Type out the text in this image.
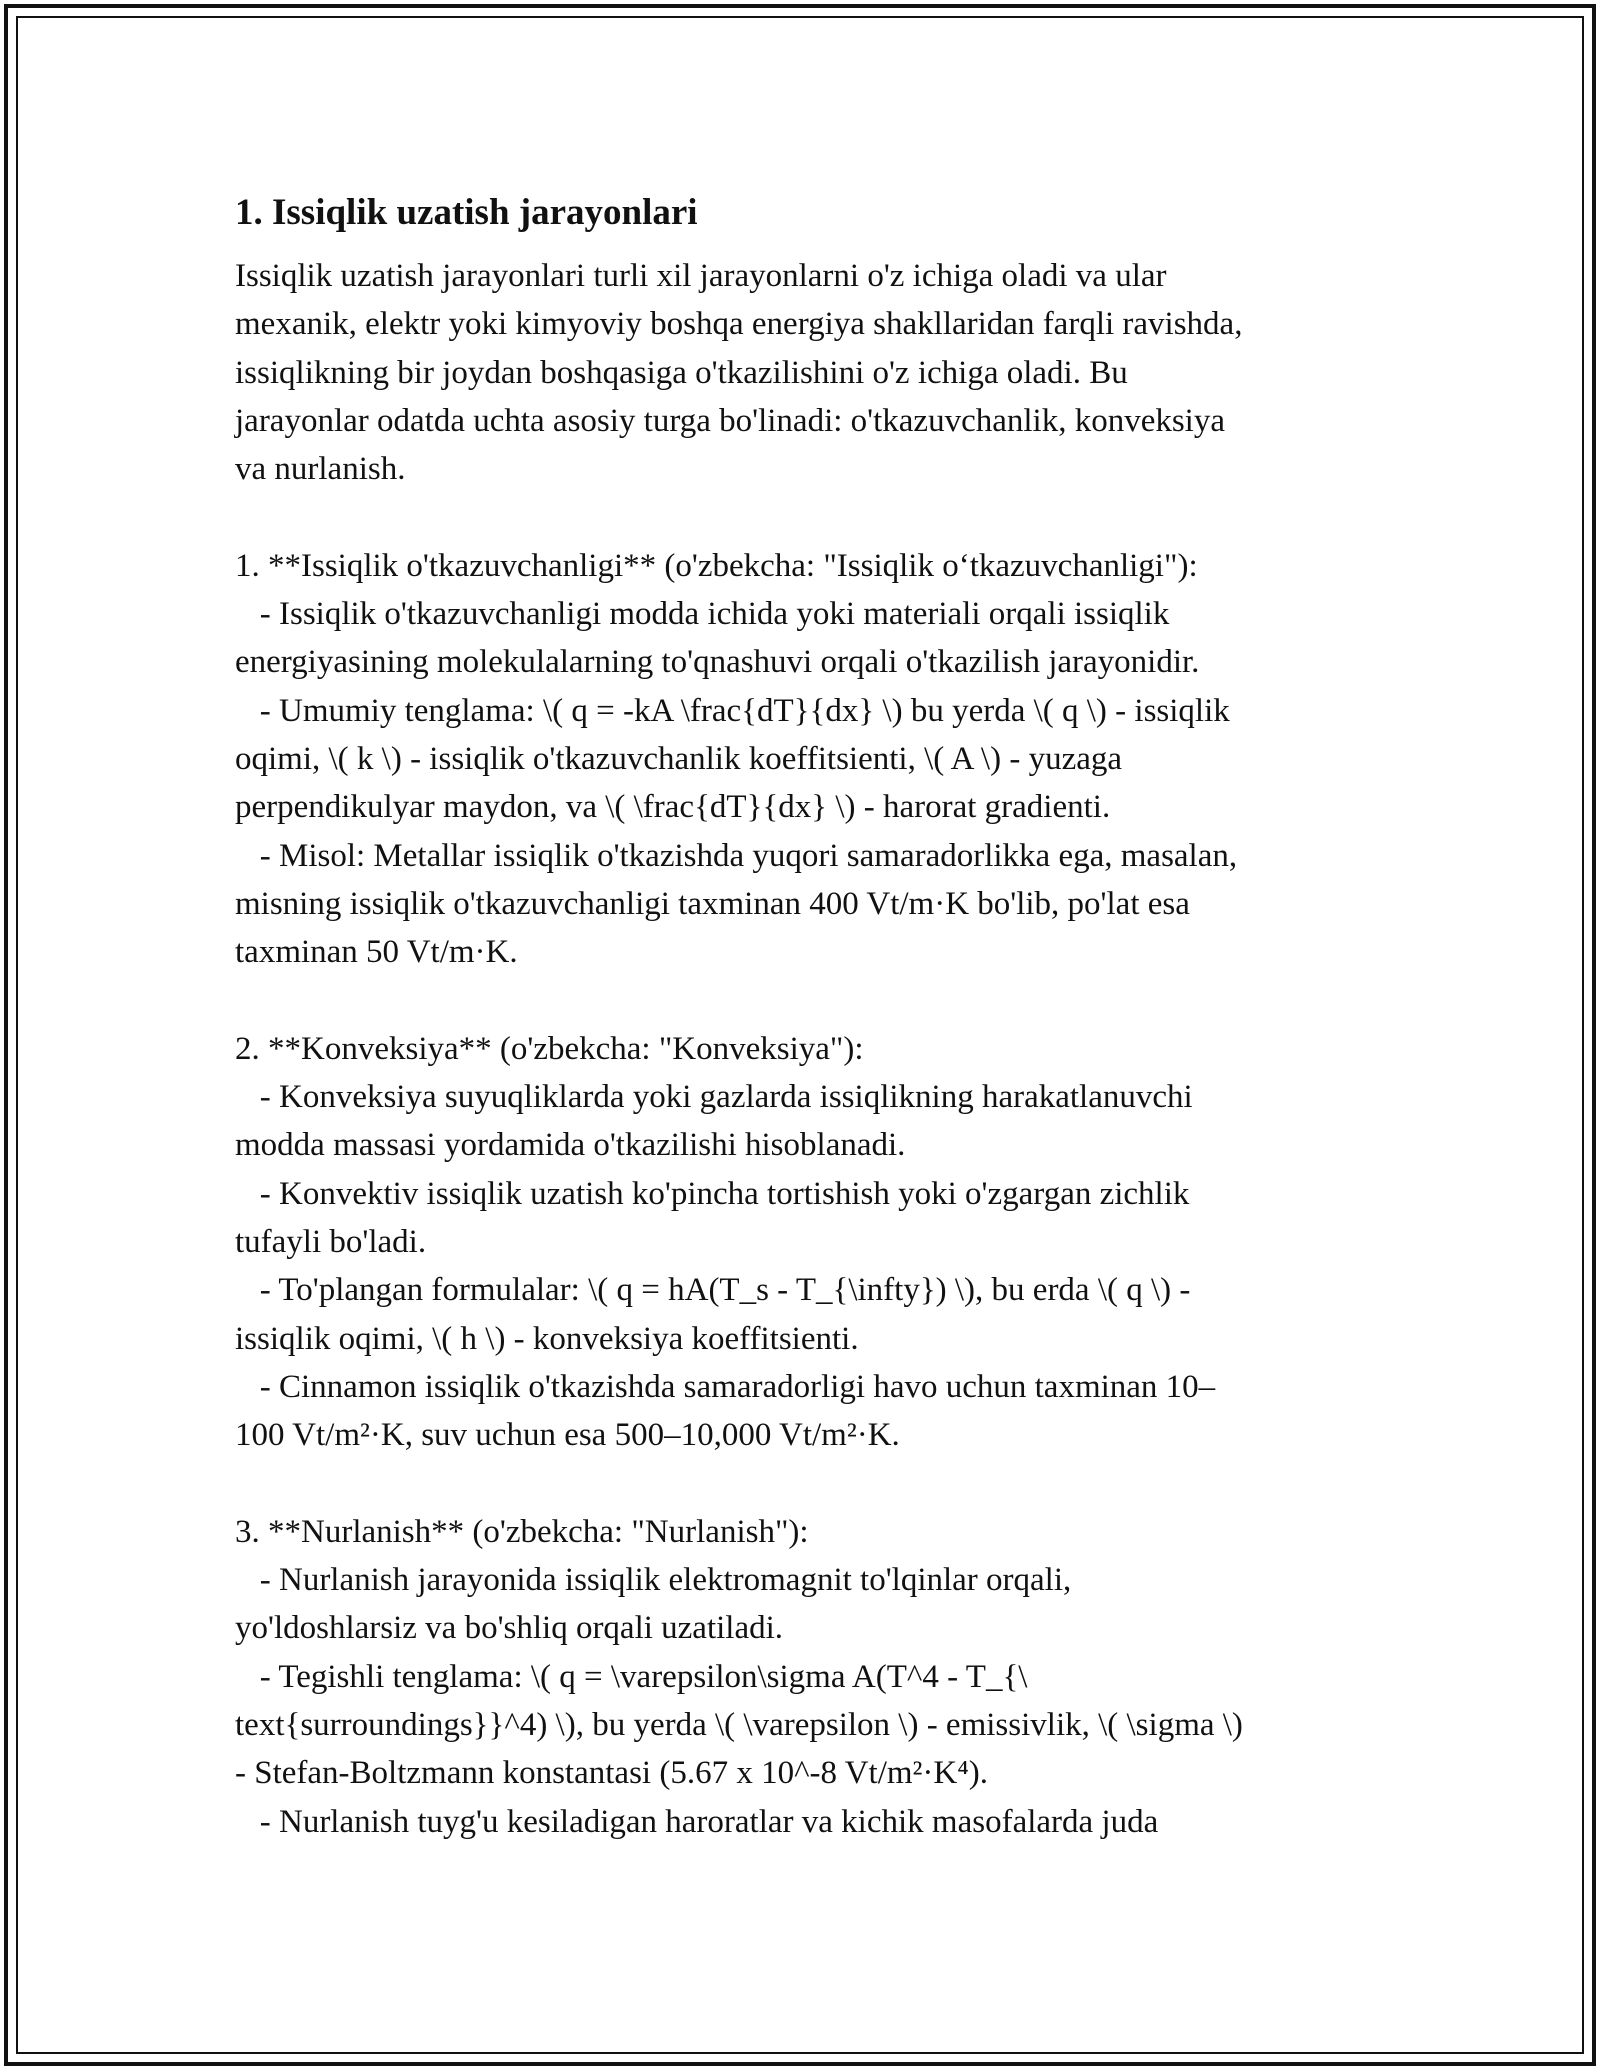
1. Issiqlik uzatish jarayonlari
Issiqlik uzatish jarayonlari turli xil jarayonlarni o'z ichiga oladi va ular
mexanik, elektr yoki kimyoviy boshqa energiya shakllaridan farqli ravishda,
issiqlikning bir joydan boshqasiga o'tkazilishini o'z ichiga oladi. Bu
jarayonlar odatda uchta asosiy turga bo'linadi: o'tkazuvchanlik, konveksiya
va nurlanish.
1. **Issiqlik o'tkazuvchanligi** (o'zbekcha: "Issiqlik o‘tkazuvchanligi"):
- Issiqlik o'tkazuvchanligi modda ichida yoki materiali orqali issiqlik
energiyasining molekulalarning to'qnashuvi orqali o'tkazilish jarayonidir.
- Umumiy tenglama: \( q = -kA \frac{dT}{dx} \) bu yerda \( q \) - issiqlik
oqimi, \( k \) - issiqlik o'tkazuvchanlik koeffitsienti, \( A \) - yuzaga
perpendikulyar maydon, va \( \frac{dT}{dx} \) - harorat gradienti.
- Misol: Metallar issiqlik o'tkazishda yuqori samaradorlikka ega, masalan,
misning issiqlik o'tkazuvchanligi taxminan 400 Vt/m·K bo'lib, po'lat esa
taxminan 50 Vt/m·K.
2. **Konveksiya** (o'zbekcha: "Konveksiya"):
- Konveksiya suyuqliklarda yoki gazlarda issiqlikning harakatlanuvchi
modda massasi yordamida o'tkazilishi hisoblanadi.
- Konvektiv issiqlik uzatish ko'pincha tortishish yoki o'zgargan zichlik
tufayli bo'ladi.
- To'plangan formulalar: \( q = hA(T_s - T_{\infty}) \), bu erda \( q \) -
issiqlik oqimi, \( h \) - konveksiya koeffitsienti.
- Cinnamon issiqlik o'tkazishda samaradorligi havo uchun taxminan 10–
100 Vt/m²·K, suv uchun esa 500–10,000 Vt/m²·K.
3. **Nurlanish** (o'zbekcha: "Nurlanish"):
- Nurlanish jarayonida issiqlik elektromagnit to'lqinlar orqali,
yo'ldoshlarsiz va bo'shliq orqali uzatiladi.
- Tegishli tenglama: \( q = \varepsilon\sigma A(T^4 - T_{\
text{surroundings}}^4) \), bu yerda \( \varepsilon \) - emissivlik, \( \sigma \)
- Stefan-Boltzmann konstantasi (5.67 x 10^-8 Vt/m²·K⁴).
- Nurlanish tuyg'u kesiladigan haroratlar va kichik masofalarda juda
